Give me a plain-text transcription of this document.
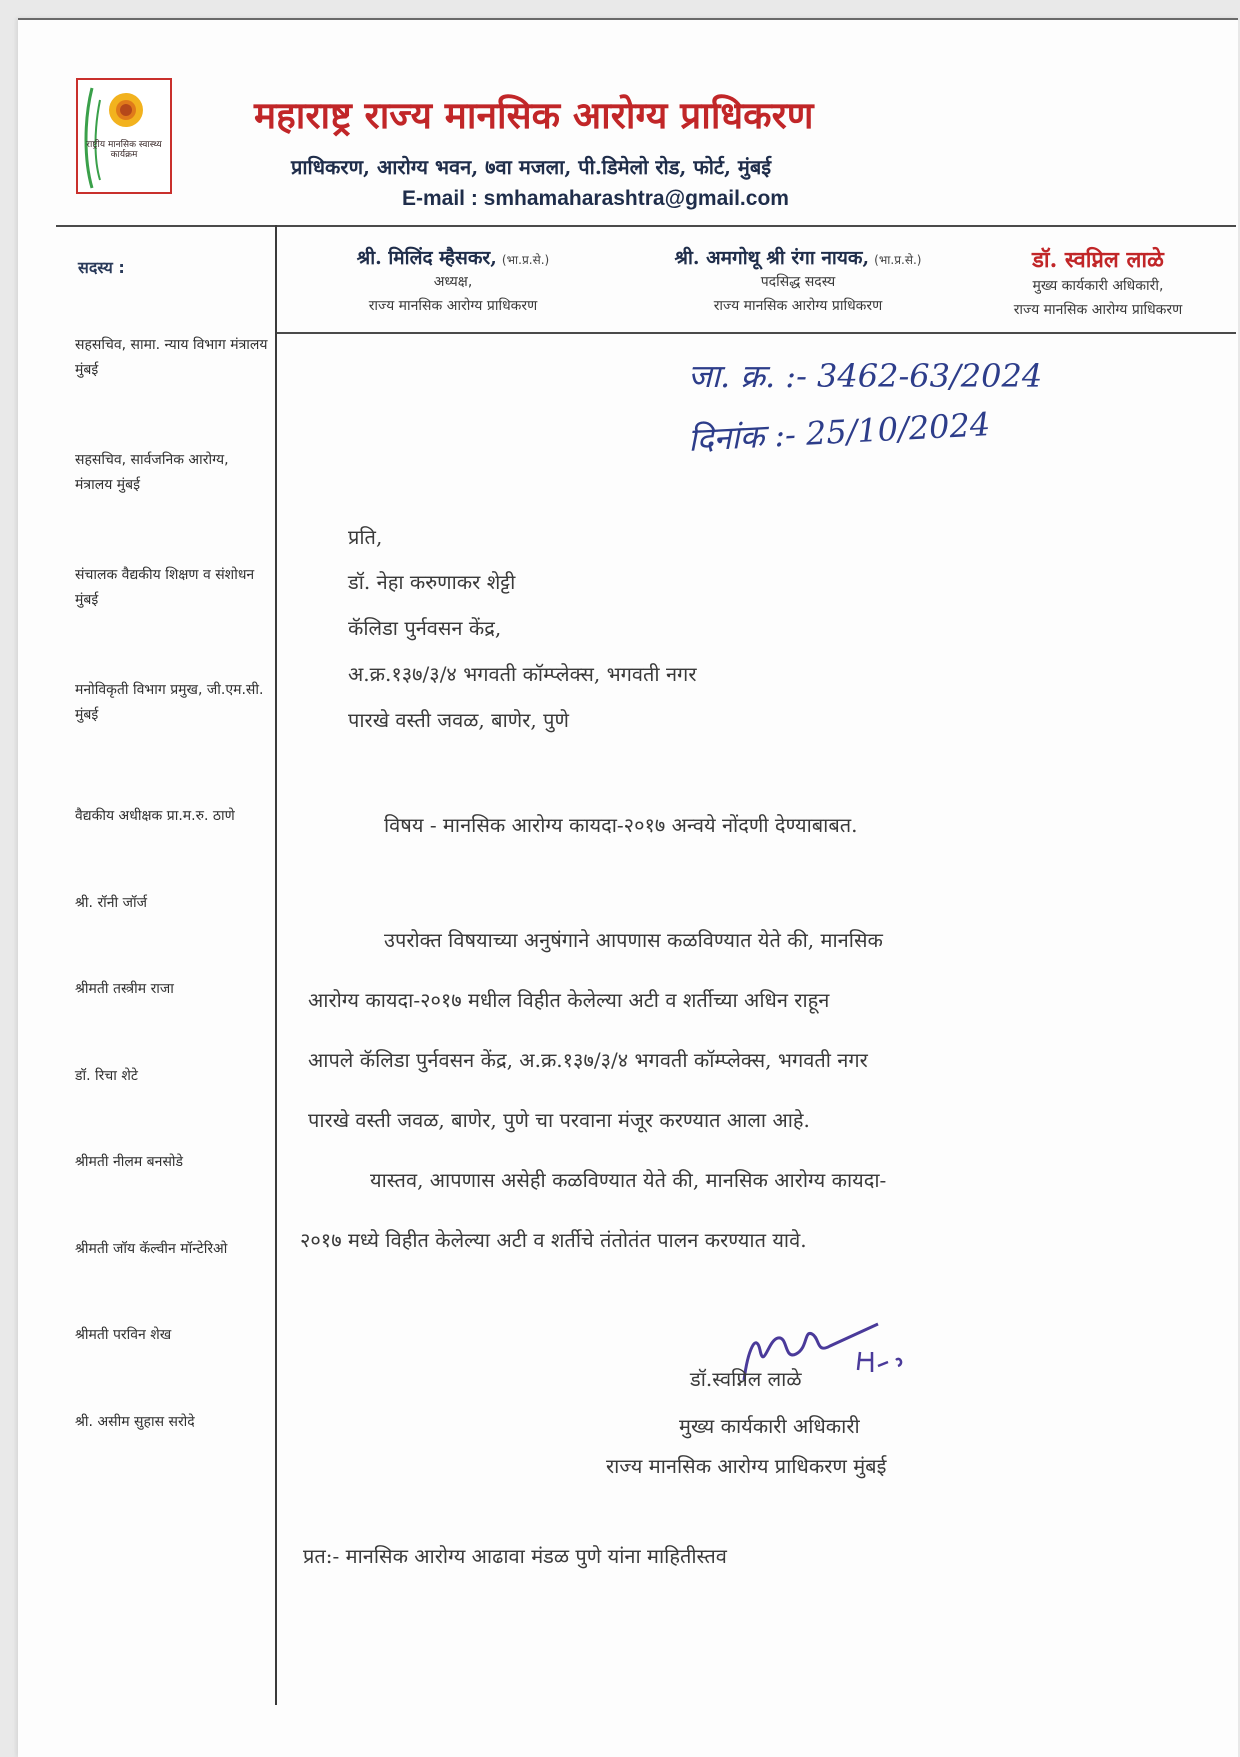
राष्ट्रीय मानसिक स्वास्थ्य कार्यक्रम
महाराष्ट्र राज्य मानसिक आरोग्य प्राधिकरण
प्राधिकरण, आरोग्य भवन, ७वा मजला, पी.डिमेलो रोड, फोर्ट, मुंबई
E-mail : smhamaharashtra@gmail.com
सदस्य :
सहसचिव, सामा. न्याय विभाग मंत्रालय मुंबई
सहसचिव, सार्वजनिक आरोग्य, मंत्रालय मुंबई
संचालक वैद्यकीय शिक्षण व संशोधन मुंबई
मनोविकृती विभाग प्रमुख, जी.एम.सी. मुंबई
वैद्यकीय अधीक्षक प्रा.म.रु. ठाणे
श्री. रॉनी जॉर्ज
श्रीमती तस्त्रीम राजा
डॉ. रिचा शेटे
श्रीमती नीलम बनसोडे
श्रीमती जॉय कॅल्वीन मॉन्टेरिओ
श्रीमती परविन शेख
श्री. असीम सुहास सरोदे
श्री. मिलिंद म्हैसकर, (भा.प्र.से.)
अध्यक्ष,
राज्य मानसिक आरोग्य प्राधिकरण
श्री. अमगोथू श्री रंगा नायक, (भा.प्र.से.)
पदसिद्ध सदस्य
राज्य मानसिक आरोग्य प्राधिकरण
डॉ. स्वप्निल लाळे
मुख्य कार्यकारी अधिकारी,
राज्य मानसिक आरोग्य प्राधिकरण
जा. क्र. :- 3462-63/2024
दिनांक :- 25/10/2024
प्रति,
डॉ. नेहा करुणाकर शेट्टी
कॅलिडा पुर्नवसन केंद्र,
अ.क्र.१३७/३/४ भगवती कॉम्प्लेक्स, भगवती नगर
पारखे वस्ती जवळ, बाणेर, पुणे
विषय - मानसिक आरोग्य कायदा-२०१७ अन्वये नोंदणी देण्याबाबत.
उपरोक्त विषयाच्या अनुषंगाने आपणास कळविण्यात येते की, मानसिक
आरोग्य कायदा-२०१७ मधील विहीत केलेल्या अटी व शर्तीच्या अधिन राहून
आपले कॅलिडा पुर्नवसन केंद्र, अ.क्र.१३७/३/४ भगवती कॉम्प्लेक्स, भगवती नगर
पारखे वस्ती जवळ, बाणेर, पुणे चा परवाना मंजूर करण्यात आला आहे.
यास्तव, आपणास असेही कळविण्यात येते की, मानसिक आरोग्य कायदा-
२०१७ मध्ये विहीत केलेल्या अटी व शर्तीचे तंतोतंत पालन करण्यात यावे.
डॉ.स्वप्निल लाळे
मुख्य कार्यकारी अधिकारी
राज्य मानसिक आरोग्य प्राधिकरण मुंबई
प्रत:- मानसिक आरोग्य आढावा मंडळ पुणे यांना माहितीस्तव
